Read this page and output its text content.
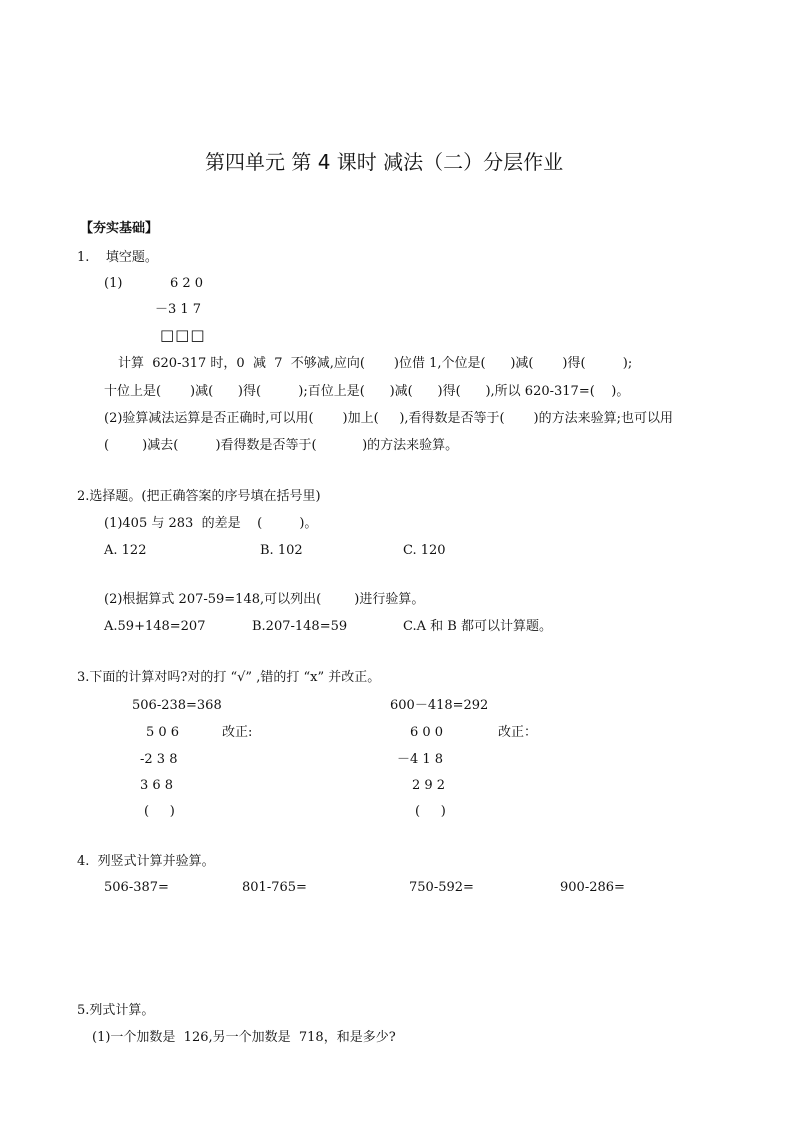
第四单元 第 4 课时 减法（二）分层作业
【夯实基础】
1.    填空题。
(1)	6 2 0
－3 1 7
□□□
计算  620-317 时，0  减  7  不够减,应向(       )位借 1,个位是(      )减(       )得(         );
十位上是(       )减(      )得(         );百位上是(      )减(      )得(      ),所以 620-317=(    )。
(2)验算减法运算是否正确时,可以用(       )加上(     ),看得数是否等于(       )的方法来验算;也可以用
(        )减去(         )看得数是否等于(           )的方法来验算。
2.选择题。(把正确答案的序号填在括号里)
(1)405 与 283  的差是    (         )。
A. 122	B. 102	C. 120
(2)根据算式 207-59=148,可以列出(        )进行验算。
A.59+148=207	B.207-148=59	C.A 和 B 都可以计算题。
3.下面的计算对吗?对的打 “√” ,错的打 “x” 并改正。
506-238=368	600－418=292
5 0 6	改正:	6 0 0	改正：
-2 3 8	－4 1 8
3 6 8	2 9 2
(     )	(     )
4.  列竖式计算并验算。
506-387=	801-765=	750-592=	900-286=
5.列式计算。
(1)一个加数是  126,另一个加数是  718，和是多少?
